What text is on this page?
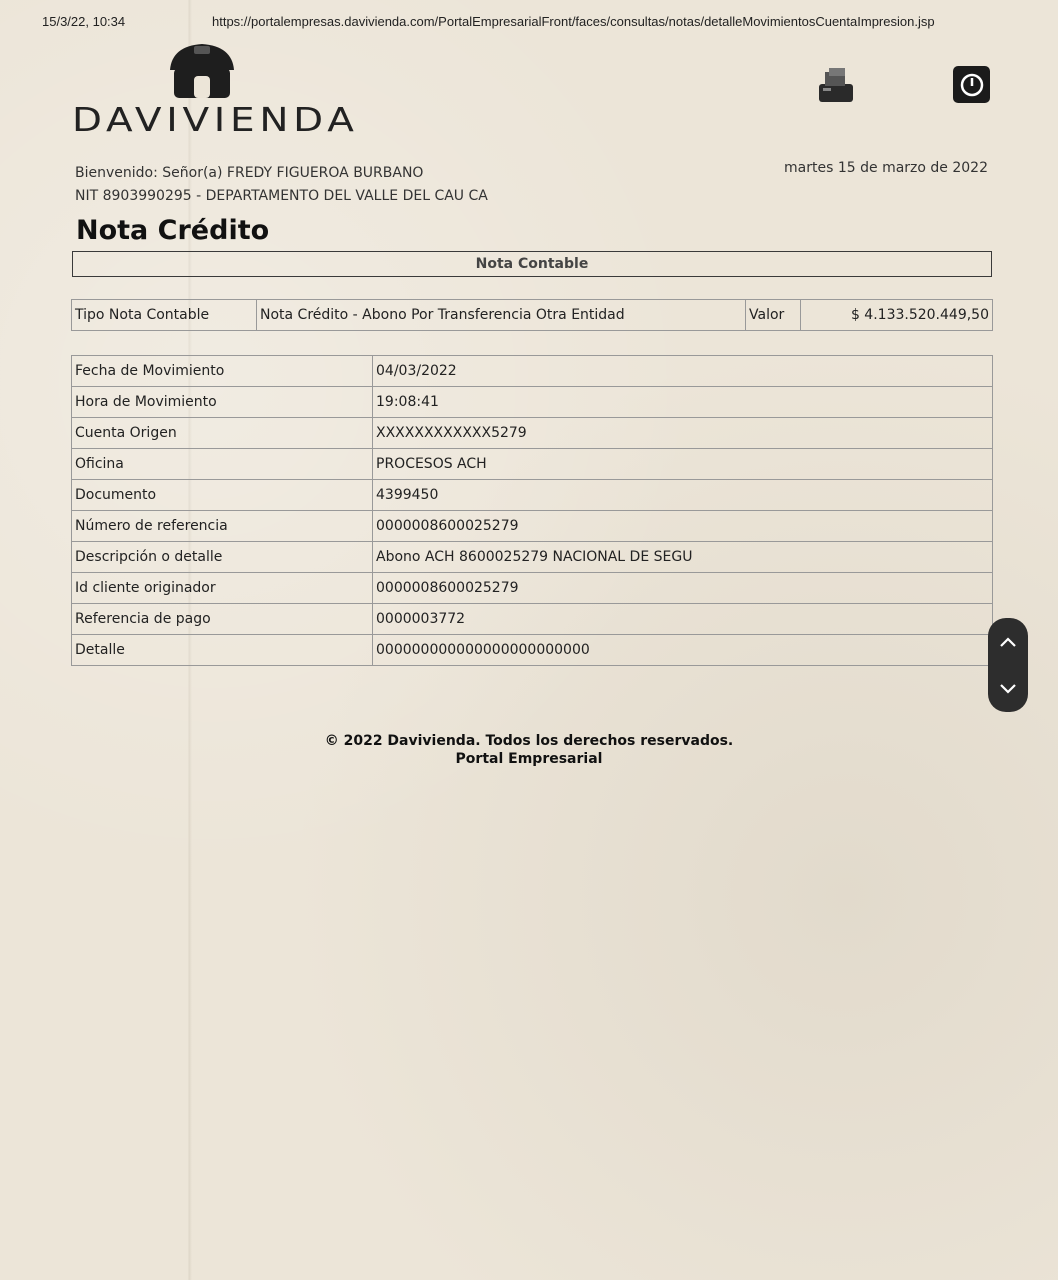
15/3/22, 10:34	https://portalempresas.davivienda.com/PortalEmpresarialFront/faces/consultas/notas/detalleMovimientosCuentaImpresion.jsp
DAVIVIENDA
Bienvenido: Señor(a) FREDY FIGUEROA BURBANO
NIT 8903990295 - DEPARTAMENTO DEL VALLE DEL CAU CA
martes 15 de marzo de 2022
Nota Crédito
Nota Contable
Tipo Nota Contable	Nota Crédito - Abono Por Transferencia Otra Entidad	Valor	$ 4.133.520.449,50
Fecha de Movimiento	04/03/2022
Hora de Movimiento	19:08:41
Cuenta Origen	XXXXXXXXXXXX5279
Oficina	PROCESOS ACH
Documento	4399450
Número de referencia	0000008600025279
Descripción o detalle	Abono ACH 8600025279 NACIONAL DE SEGU
Id cliente originador	0000008600025279
Referencia de pago	0000003772
Detalle	000000000000000000000000
© 2022 Davivienda. Todos los derechos reservados.
Portal Empresarial
